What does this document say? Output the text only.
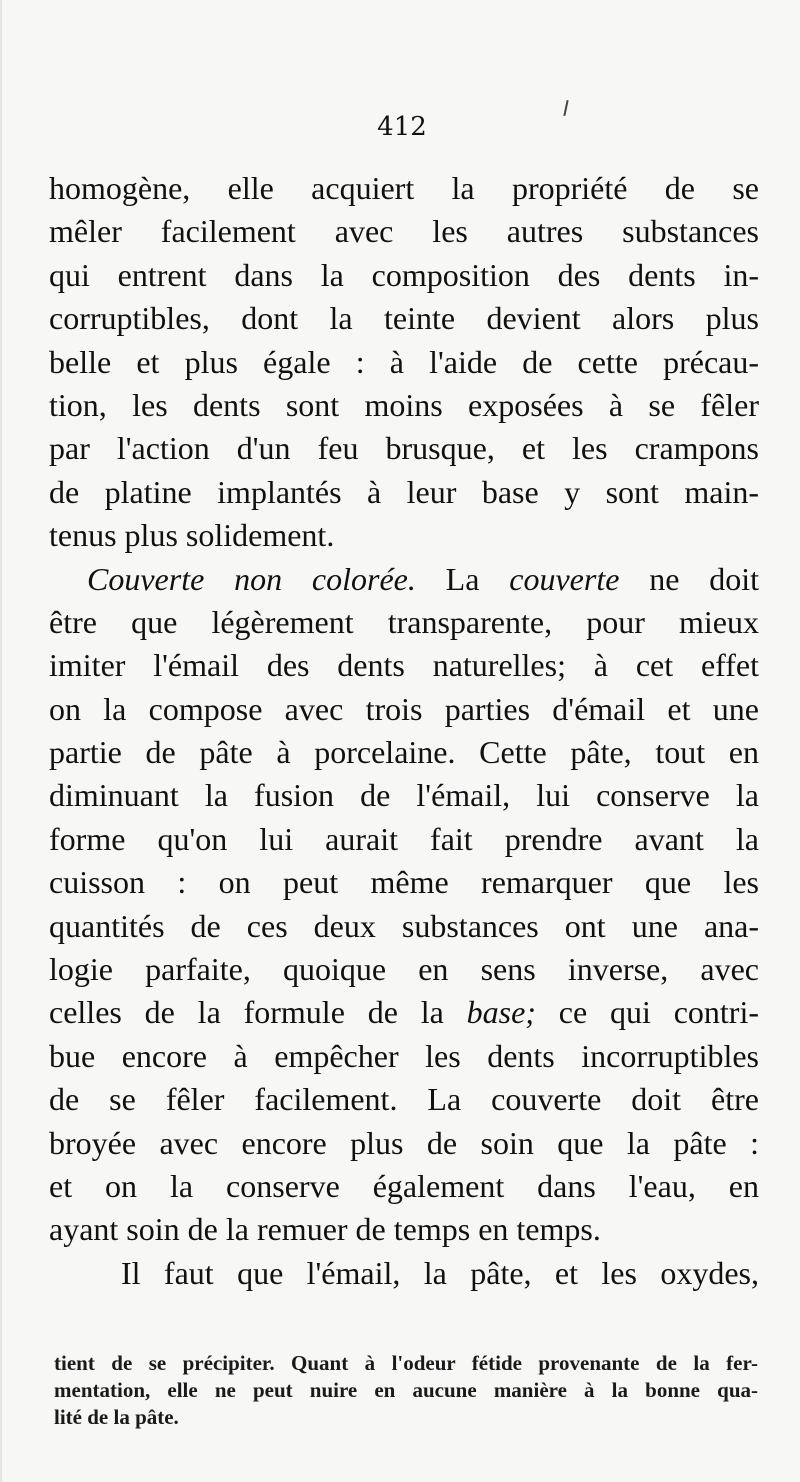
412
homogène, elle acquiert la propriété de se
mêler facilement avec les autres substances
qui entrent dans la composition des dents in-
corruptibles, dont la teinte devient alors plus
belle et plus égale : à l'aide de cette précau-
tion, les dents sont moins exposées à se fêler
par l'action d'un feu brusque, et les crampons
de platine implantés à leur base y sont main-
tenus plus solidement.
Couverte non colorée. La couverte ne doit
être que légèrement transparente, pour mieux
imiter l'émail des dents naturelles; à cet effet
on la compose avec trois parties d'émail et une
partie de pâte à porcelaine. Cette pâte, tout en
diminuant la fusion de l'émail, lui conserve la
forme qu'on lui aurait fait prendre avant la
cuisson : on peut même remarquer que les
quantités de ces deux substances ont une ana-
logie parfaite, quoique en sens inverse, avec
celles de la formule de la base; ce qui contri-
bue encore à empêcher les dents incorruptibles
de se fêler facilement. La couverte doit être
broyée avec encore plus de soin que la pâte :
et on la conserve également dans l'eau, en
ayant soin de la remuer de temps en temps.
Il faut que l'émail, la pâte, et les oxydes,
tient de se précipiter. Quant à l'odeur fétide provenante de la fer-
mentation, elle ne peut nuire en aucune manière à la bonne qua-
lité de la pâte.
